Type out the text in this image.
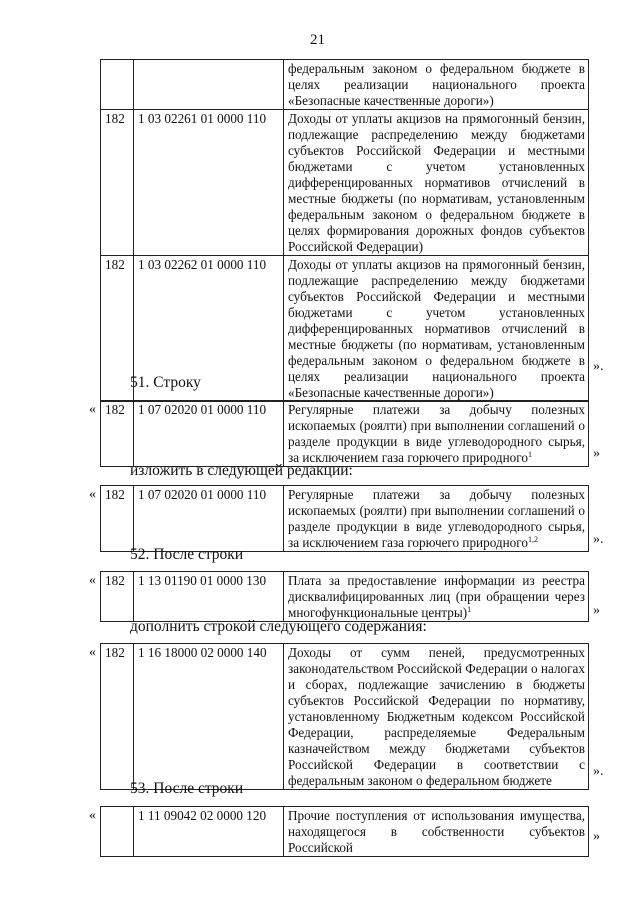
21
		федеральным законом о федеральном бюджете в целях реализации национального проекта «Безопасные качественные дороги»)
182	1 03 02261 01 0000 110	Доходы от уплаты акцизов на прямогонный бензин, подлежащие распределению между бюджетами субъектов Российской Федерации и местными бюджетами с учетом установленных дифференцированных нормативов отчислений в местные бюджеты (по нормативам, установленным федеральным законом о федеральном бюджете в целях формирования дорожных фондов субъектов Российской Федерации)
182	1 03 02262 01 0000 110	Доходы от уплаты акцизов на прямогонный бензин, подлежащие распределению между бюджетами субъектов Российской Федерации и местными бюджетами с учетом установленных дифференцированных нормативов отчислений в местные бюджеты (по нормативам, установленным федеральным законом о федеральном бюджете в целях реализации национального проекта «Безопасные качественные дороги»)
».
51. Строку
« 182	1 07 02020 01 0000 110	Регулярные платежи за добычу полезных ископаемых (роялти) при выполнении соглашений о разделе продукции в виде углеводородного сырья, за исключением газа горючего природного$^1$	»
изложить в следующей редакции:
« 182	1 07 02020 01 0000 110	Регулярные платежи за добычу полезных ископаемых (роялти) при выполнении соглашений о разделе продукции в виде углеводородного сырья, за исключением газа горючего природного$^{1,2}$	».
52. После строки
« 182	1 13 01190 01 0000 130	Плата за предоставление информации из реестра дисквалифицированных лиц (при обращении через многофункциональные центры)$^1$	»
дополнить строкой следующего содержания:
« 182	1 16 18000 02 0000 140	Доходы от сумм пеней, предусмотренных законодательством Российской Федерации о налогах и сборах, подлежащие зачислению в бюджеты субъектов Российской Федерации по нормативу, установленному Бюджетным кодексом Российской Федерации, распределяемые Федеральным казначейством между бюджетами субъектов Российской Федерации в соответствии с федеральным законом о федеральном бюджете
».
53. После строки
«
		1 11 09042 02 0000 120	Прочие поступления от использования имущества, находящегося в собственности субъектов Российской
»
